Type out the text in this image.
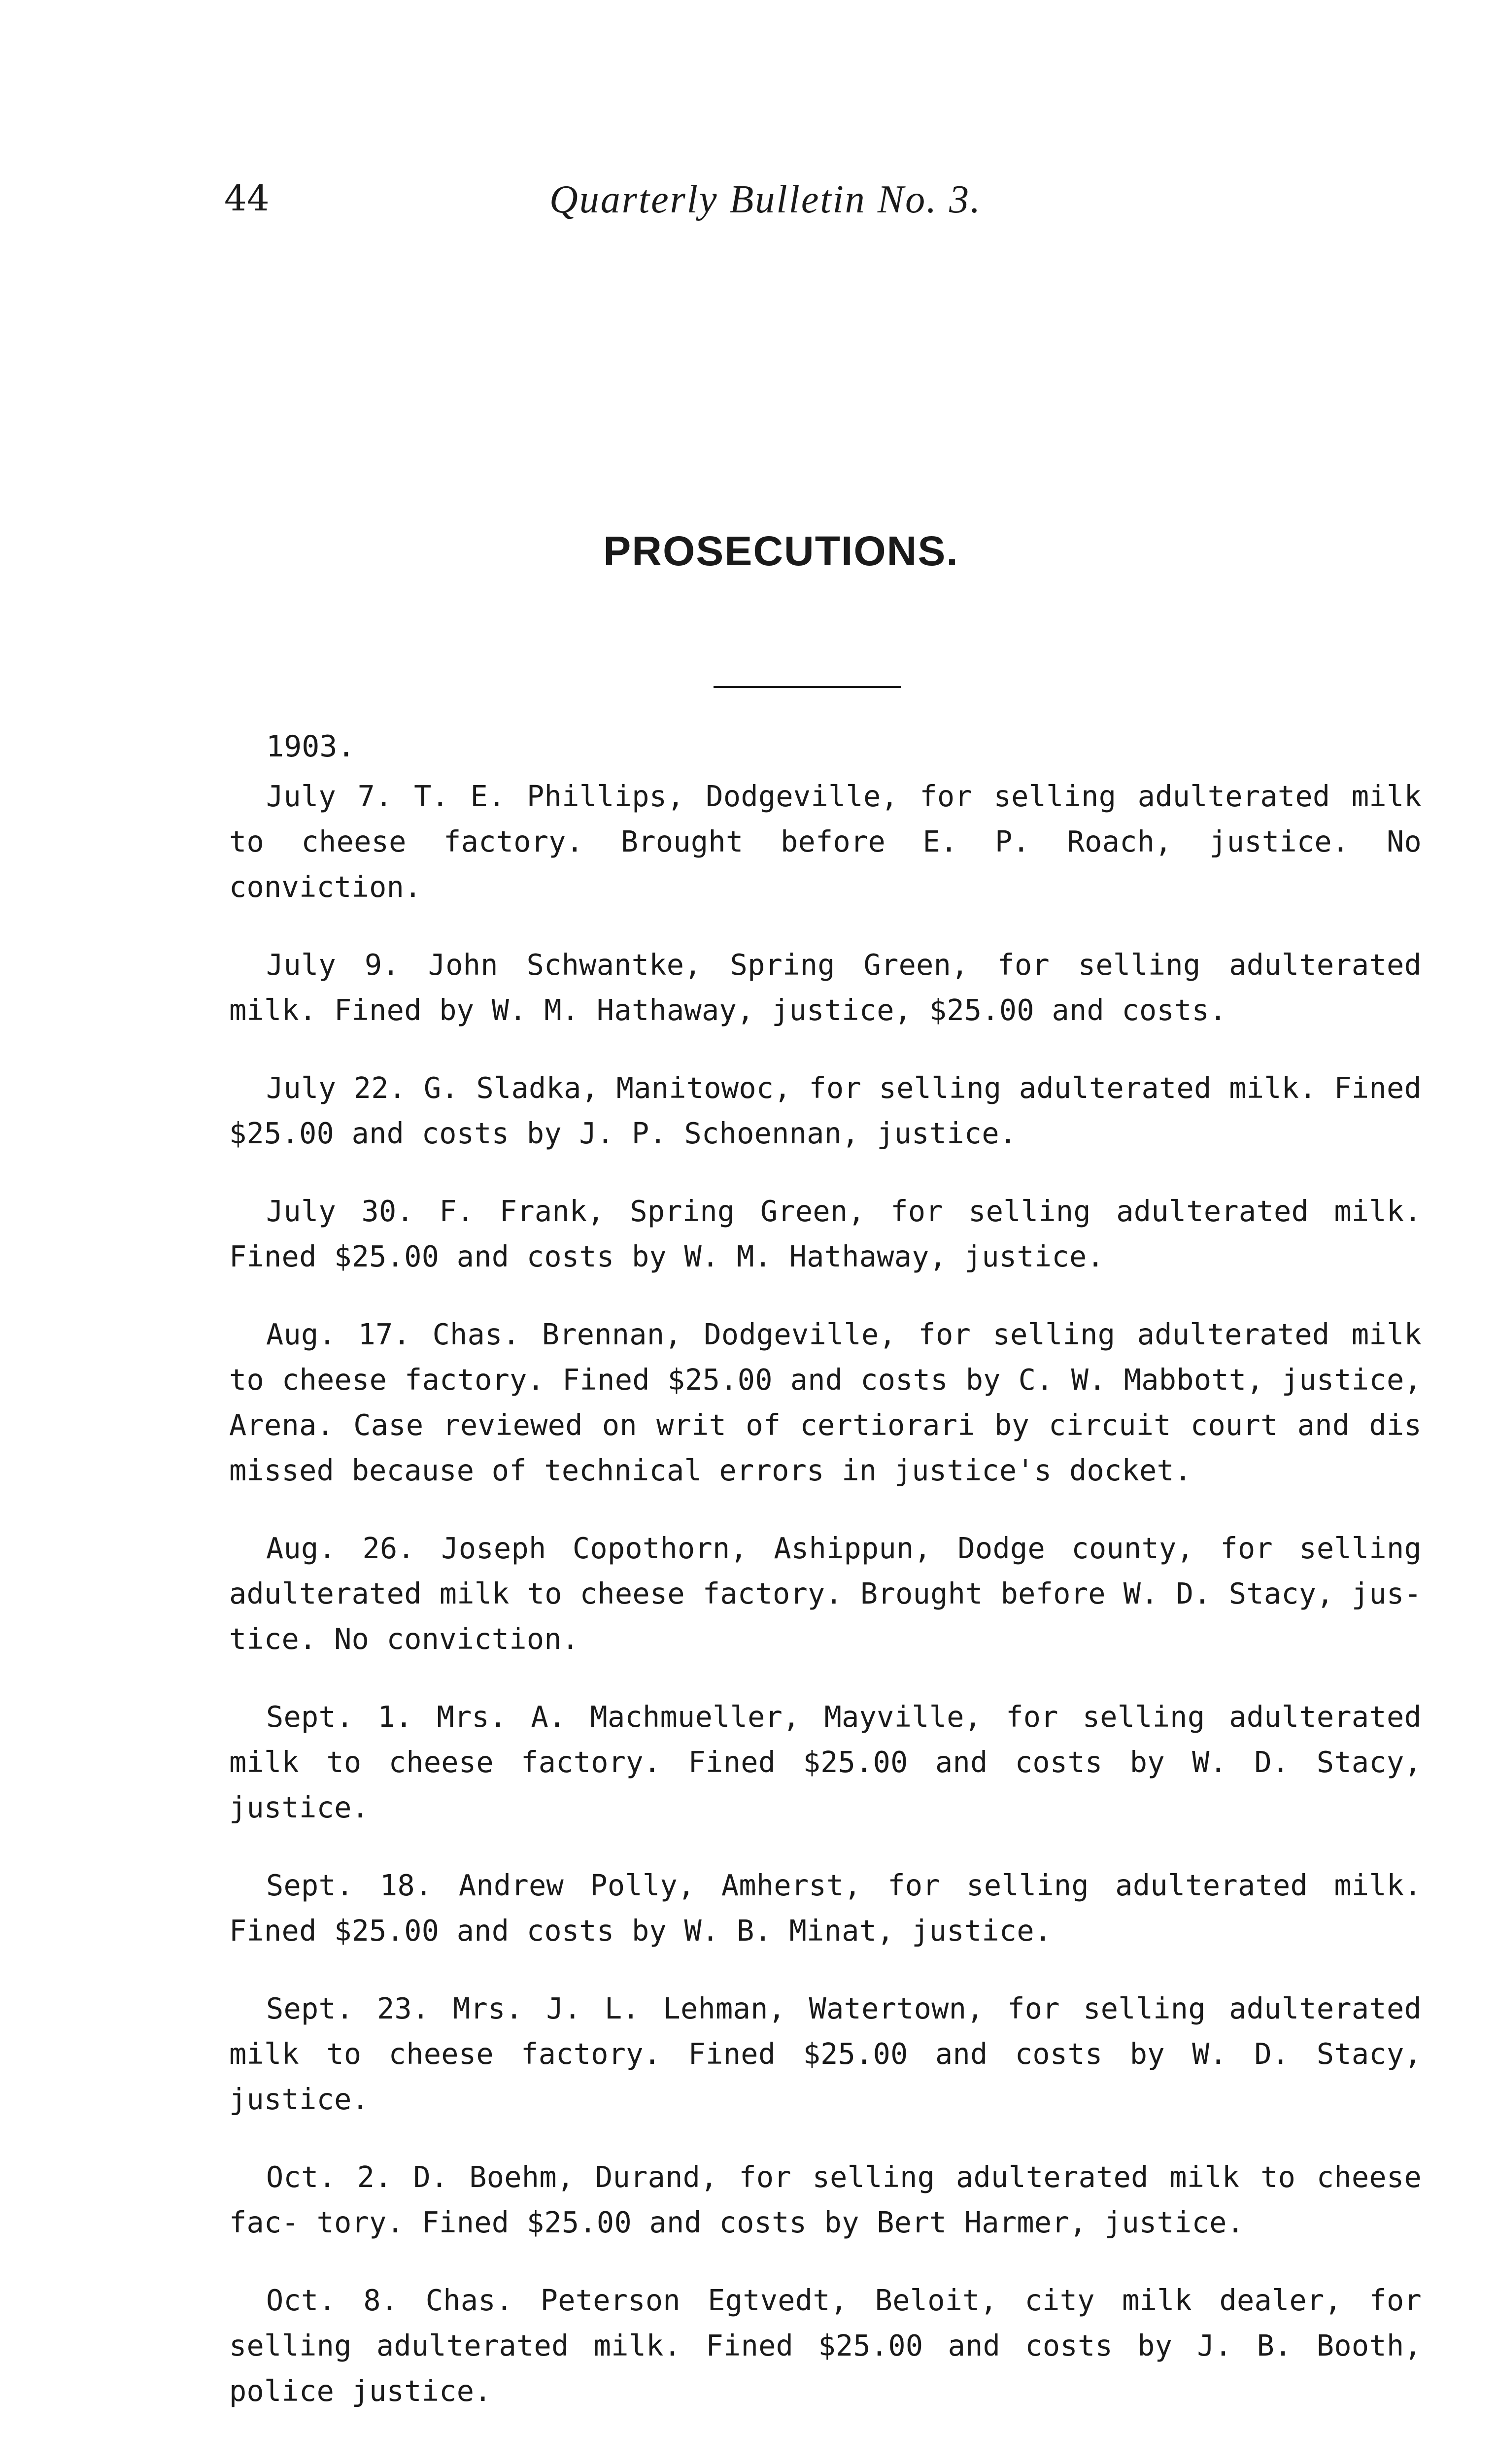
44	Quarterly Bulletin No. 3.
PROSECUTIONS.
1903.

July 7. T. E. Phillips, Dodgeville, for selling adulterated milk to cheese factory. Brought before E. P. Roach, justice. No conviction.

July 9. John Schwantke, Spring Green, for selling adulterated milk. Fined by W. M. Hathaway, justice, $25.00 and costs.

July 22. G. Sladka, Manitowoc, for selling adulterated milk. Fined $25.00 and costs by J. P. Schoennan, justice.

July 30. F. Frank, Spring Green, for selling adulterated milk. Fined $25.00 and costs by W. M. Hathaway, justice.

Aug. 17. Chas. Brennan, Dodgeville, for selling adulterated milk to cheese factory. Fined $25.00 and costs by C. W. Mabbott, justice, Arena. Case reviewed on writ of certiorari by circuit court and dis missed because of technical errors in justice's docket.

Aug. 26. Joseph Copothorn, Ashippun, Dodge county, for selling adulterated milk to cheese factory. Brought before W. D. Stacy, jus- tice. No conviction.

Sept. 1. Mrs. A. Machmueller, Mayville, for selling adulterated milk to cheese factory. Fined $25.00 and costs by W. D. Stacy, justice.

Sept. 18. Andrew Polly, Amherst, for selling adulterated milk. Fined $25.00 and costs by W. B. Minat, justice.

Sept. 23. Mrs. J. L. Lehman, Watertown, for selling adulterated milk to cheese factory. Fined $25.00 and costs by W. D. Stacy, justice.

Oct. 2. D. Boehm, Durand, for selling adulterated milk to cheese fac- tory. Fined $25.00 and costs by Bert Harmer, justice.

Oct. 8. Chas. Peterson Egtvedt, Beloit, city milk dealer, for selling adulterated milk. Fined $25.00 and costs by J. B. Booth, police justice.
